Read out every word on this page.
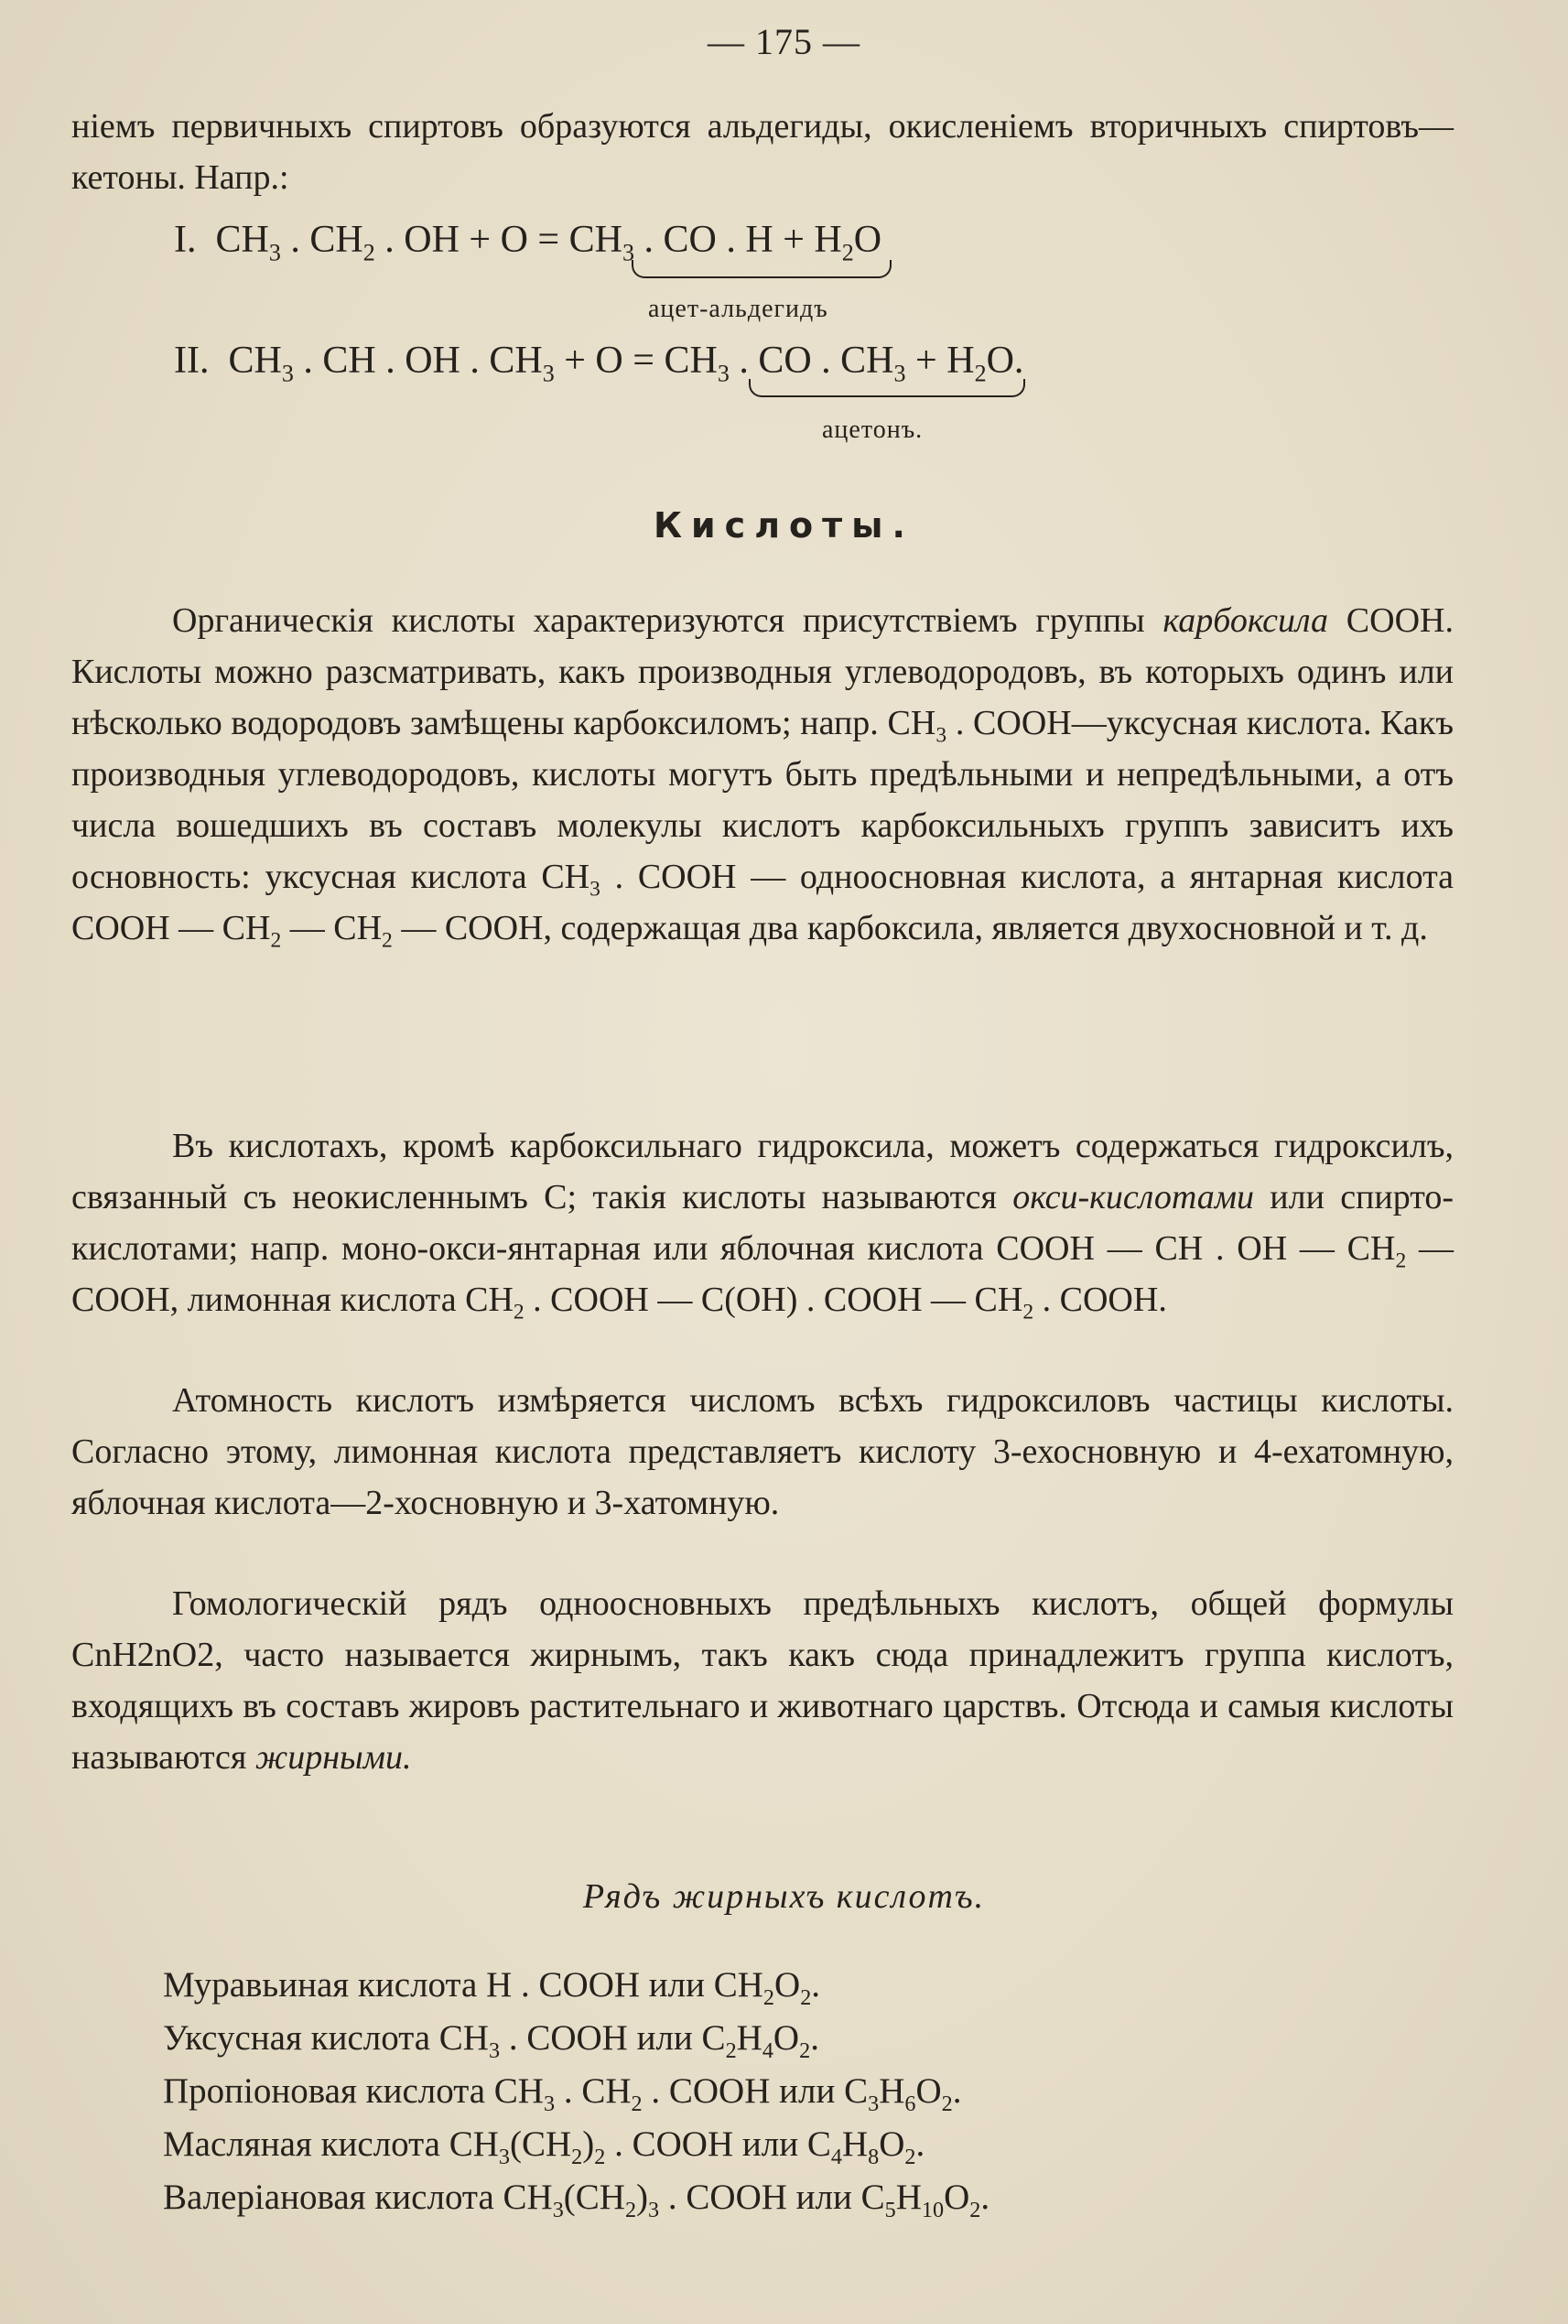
— 175 —

ніемъ первичныхъ спиртовъ образуются альдегиды, окисленіемъ вторичныхъ спиртовъ—кетоны. Напр.:

I. $CH_3$ . $CH_2$ . OH + $O = CH_3$ . CO . $H + H_2O$
ацет-альдегидъ
II. $CH_3$ . CH . OH . $CH_3 + O = CH_3$ . CO . $CH_3 + H_2O$.
ацетонъ.
Кислоты.

Органическія кислоты характеризуются присутствіемъ группы карбоксила COOH. Кислоты можно разсматривать, какъ производныя углеводородовъ, въ которыхъ одинъ или нѣсколько водородовъ замѣщены карбоксиломъ; напр. $CH_3$ . COOH—уксусная кислота. Какъ производныя углеводородовъ, кислоты могутъ быть предѣльными и непредѣльными, а отъ числа вошедшихъ въ составъ молекулы кислотъ карбоксильныхъ группъ зависитъ ихъ основность: уксусная кислота $CH_3$ . COOH — одноосновная кислота, а янтарная кислота COOH — $CH_2$ — $CH_2$ — COOH, содержащая два карбоксила, является двухосновной и т. д.

Въ кислотахъ, кромѣ карбоксильнаго гидроксила, можетъ содержаться гидроксилъ, связанный съ неокисленнымъ C; такія кислоты называются окси-кислотами или спирто-кислотами; напр. моно-окси-янтарная или яблочная кислота COOH — CH . OH — $CH_2$ — COOH, лимонная кислота $CH_2$ . COOH — C(OH) . COOH — $CH_2$ . COOH.

Атомность кислотъ измѣряется числомъ всѣхъ гидроксиловъ частицы кислоты. Согласно этому, лимонная кислота представляетъ кислоту 3-ехосновную и 4-ехатомную, яблочная кислота—2-хосновную и 3-хатомную.

Гомологическій рядъ одноосновныхъ предѣльныхъ кислотъ, общей формулы CnH2nO2, часто называется жирнымъ, такъ какъ сюда принадлежитъ группа кислотъ, входящихъ въ составъ жировъ растительнаго и животнаго царствъ. Отсюда и самыя кислоты называются жирными.

Рядъ жирныхъ кислотъ.
Муравьиная кислота H . COOH или $CH_2O_2$.
Уксусная кислота $CH_3$ . COOH или $C_2H_4O_2$.
Пропіоновая кислота $CH_3$ . $CH_2$ . COOH или $C_3H_6O_2$.
Масляная кислота $CH_3(CH_2)_2$ . COOH или $C_4H_8O_2$.
Валеріановая кислота $CH_3(CH_2)_3$ . COOH или $C_5H_{10}O_2$.
